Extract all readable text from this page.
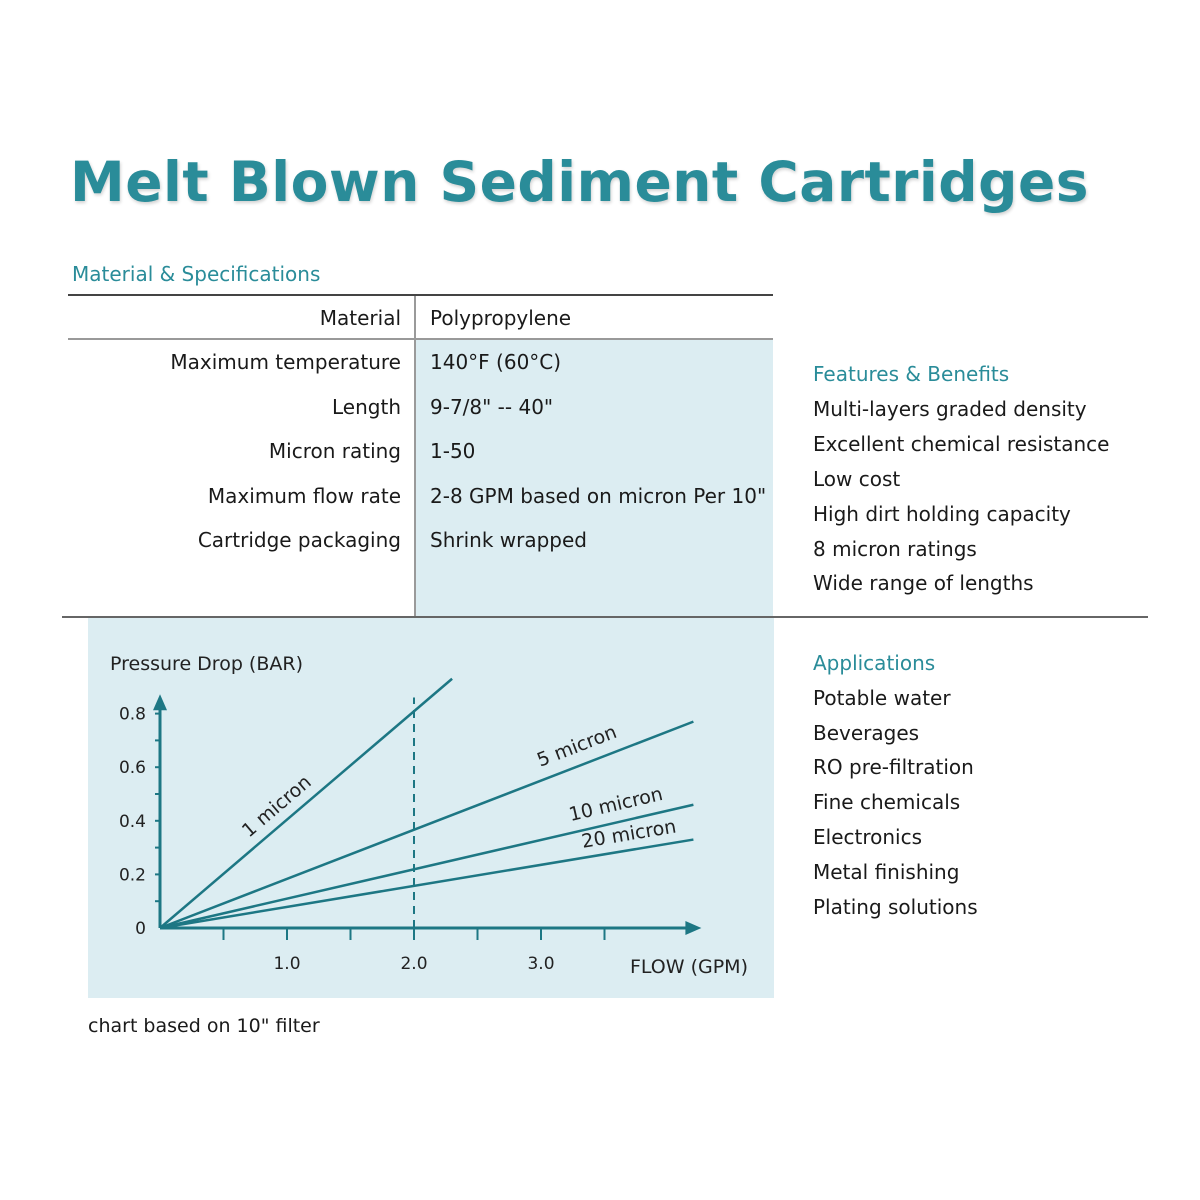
Melt Blown Sediment Cartridges
Material & Specifications
Material Polypropylene
Maximum temperature 140°F (60°C)
Length 9-7/8" -- 40"
Micron rating 1-50
Maximum flow rate 2-8 GPM based on micron Per 10"
Cartridge packaging Shrink wrapped
Features & Benefits
Multi-layers graded density
Excellent chemical resistance
Low cost
High dirt holding capacity
8 micron ratings
Wide range of lengths
Applications
Potable water
Beverages
RO pre-filtration
Fine chemicals
Electronics
Metal finishing
Plating solutions
0
0.2
0.4
0.6
0.8
1.0	2.0	3.0
Pressure Drop (BAR)
FLOW (GPM)
1 micron
5 micron
10 micron
20 micron
chart based on 10" filter
